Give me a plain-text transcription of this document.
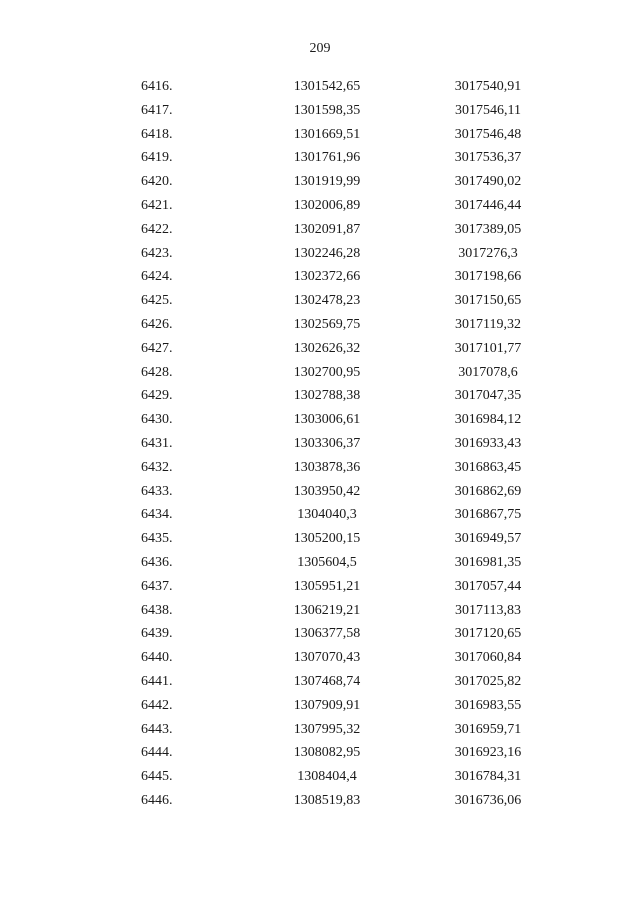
209
6416.	1301542,65	3017540,91
6417.	1301598,35	3017546,11
6418.	1301669,51	3017546,48
6419.	1301761,96	3017536,37
6420.	1301919,99	3017490,02
6421.	1302006,89	3017446,44
6422.	1302091,87	3017389,05
6423.	1302246,28	3017276,3
6424.	1302372,66	3017198,66
6425.	1302478,23	3017150,65
6426.	1302569,75	3017119,32
6427.	1302626,32	3017101,77
6428.	1302700,95	3017078,6
6429.	1302788,38	3017047,35
6430.	1303006,61	3016984,12
6431.	1303306,37	3016933,43
6432.	1303878,36	3016863,45
6433.	1303950,42	3016862,69
6434.	1304040,3	3016867,75
6435.	1305200,15	3016949,57
6436.	1305604,5	3016981,35
6437.	1305951,21	3017057,44
6438.	1306219,21	3017113,83
6439.	1306377,58	3017120,65
6440.	1307070,43	3017060,84
6441.	1307468,74	3017025,82
6442.	1307909,91	3016983,55
6443.	1307995,32	3016959,71
6444.	1308082,95	3016923,16
6445.	1308404,4	3016784,31
6446.	1308519,83	3016736,06
